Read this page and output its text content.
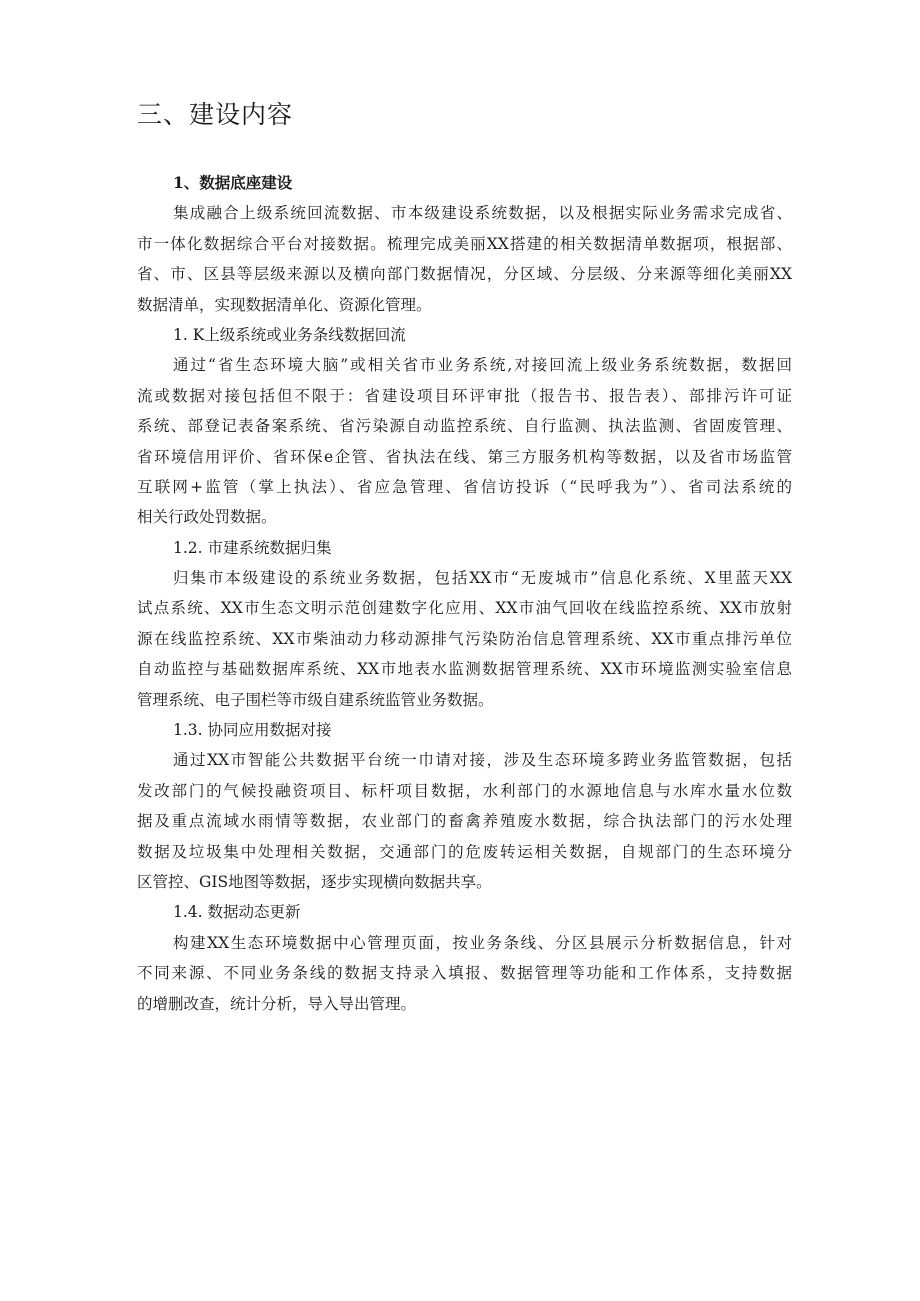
三、建设内容
1、数据底座建设
集成融合上级系统回流数据、市本级建设系统数据，以及根据实际业务需求完成省、
市一体化数据综合平台对接数据。梳理完成美丽XX搭建的相关数据清单数据项，根据部、
省、市、区县等层级来源以及横向部门数据情况，分区域、分层级、分来源等细化美丽XX
数据清单，实现数据清单化、资源化管理。
1. K上级系统或业务条线数据回流
通过“省生态环境大脑”或相关省市业务系统,对接回流上级业务系统数据，数据回
流或数据对接包括但不限于：省建设项目环评审批（报告书、报告表）、部排污许可证
系统、部登记表备案系统、省污染源自动监控系统、自行监测、执法监测、省固废管理、
省环境信用评价、省环保e企管、省执法在线、第三方服务机构等数据，以及省市场监管
互联网+监管（掌上执法）、省应急管理、省信访投诉（“民呼我为”）、省司法系统的
相关行政处罚数据。
1.2. 市建系统数据归集
归集市本级建设的系统业务数据，包括XX市“无废城市”信息化系统、X里蓝天XX
试点系统、XX市生态文明示范创建数字化应用、XX市油气回收在线监控系统、XX市放射
源在线监控系统、XX市柴油动力移动源排气污染防治信息管理系统、XX市重点排污单位
自动监控与基础数据库系统、XX市地表水监测数据管理系统、XX市环境监测实验室信息
管理系统、电子围栏等市级自建系统监管业务数据。
1.3. 协同应用数据对接
通过XX市智能公共数据平台统一巾请对接，涉及生态环境多跨业务监管数据，包括
发改部门的气候投融资项目、标杆项目数据，水利部门的水源地信息与水库水量水位数
据及重点流域水雨情等数据，农业部门的畜禽养殖废水数据，综合执法部门的污水处理
数据及垃圾集中处理相关数据，交通部门的危废转运相关数据，自规部门的生态环境分
区管控、GIS地图等数据，逐步实现横向数据共享。
1.4. 数据动态更新
构建XX生态环境数据中心管理页面，按业务条线、分区县展示分析数据信息，针对
不同来源、不同业务条线的数据支持录入填报、数据管理等功能和工作体系，支持数据
的增删改查，统计分析，导入导出管理。
